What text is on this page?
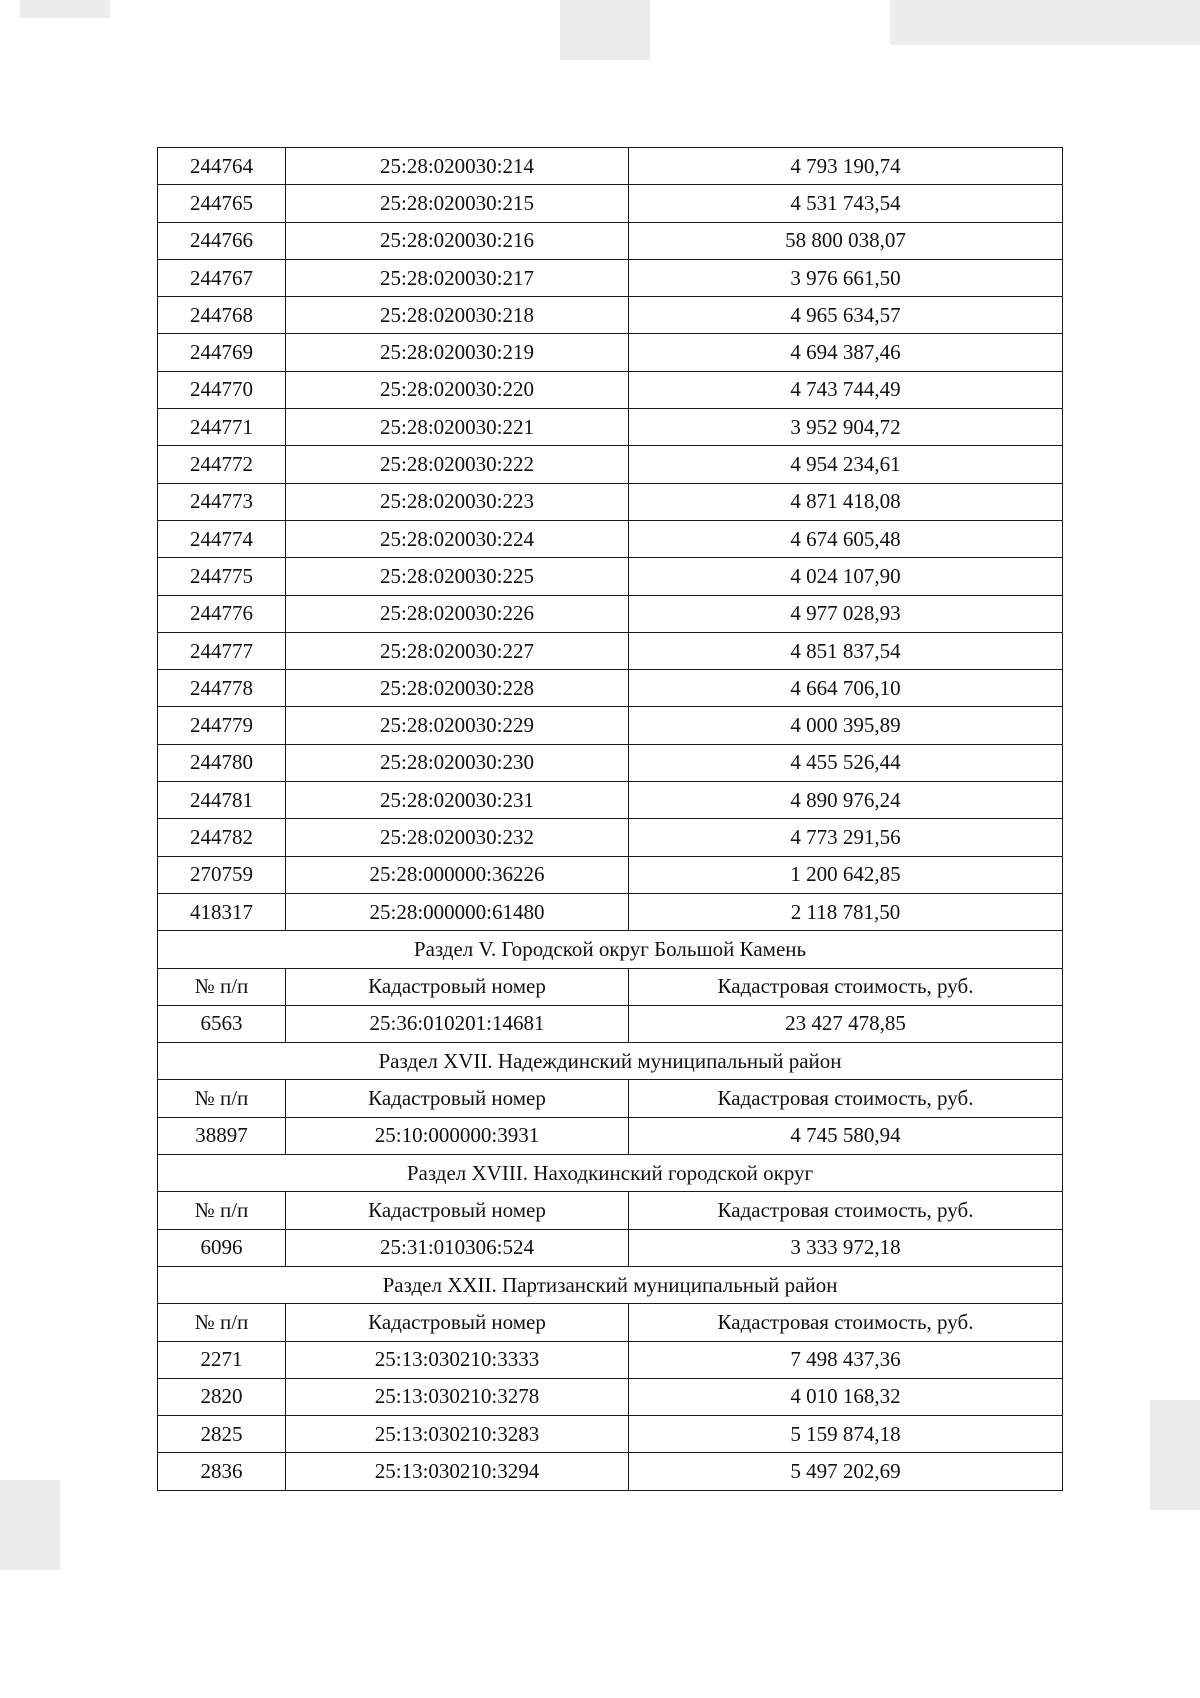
244764	25:28:020030:214	4 793 190,74
244765	25:28:020030:215	4 531 743,54
244766	25:28:020030:216	58 800 038,07
244767	25:28:020030:217	3 976 661,50
244768	25:28:020030:218	4 965 634,57
244769	25:28:020030:219	4 694 387,46
244770	25:28:020030:220	4 743 744,49
244771	25:28:020030:221	3 952 904,72
244772	25:28:020030:222	4 954 234,61
244773	25:28:020030:223	4 871 418,08
244774	25:28:020030:224	4 674 605,48
244775	25:28:020030:225	4 024 107,90
244776	25:28:020030:226	4 977 028,93
244777	25:28:020030:227	4 851 837,54
244778	25:28:020030:228	4 664 706,10
244779	25:28:020030:229	4 000 395,89
244780	25:28:020030:230	4 455 526,44
244781	25:28:020030:231	4 890 976,24
244782	25:28:020030:232	4 773 291,56
270759	25:28:000000:36226	1 200 642,85
418317	25:28:000000:61480	2 118 781,50
Раздел V. Городской округ Большой Камень		
№ п/п	Кадастровый номер	Кадастровая стоимость, руб.
6563	25:36:010201:14681	23 427 478,85
Раздел XVII. Надеждинский муниципальный район		
№ п/п	Кадастровый номер	Кадастровая стоимость, руб.
38897	25:10:000000:3931	4 745 580,94
Раздел XVIII. Находкинский городской округ		
№ п/п	Кадастровый номер	Кадастровая стоимость, руб.
6096	25:31:010306:524	3 333 972,18
Раздел XXII. Партизанский муниципальный район		
№ п/п	Кадастровый номер	Кадастровая стоимость, руб.
2271	25:13:030210:3333	7 498 437,36
2820	25:13:030210:3278	4 010 168,32
2825	25:13:030210:3283	5 159 874,18
2836	25:13:030210:3294	5 497 202,69
